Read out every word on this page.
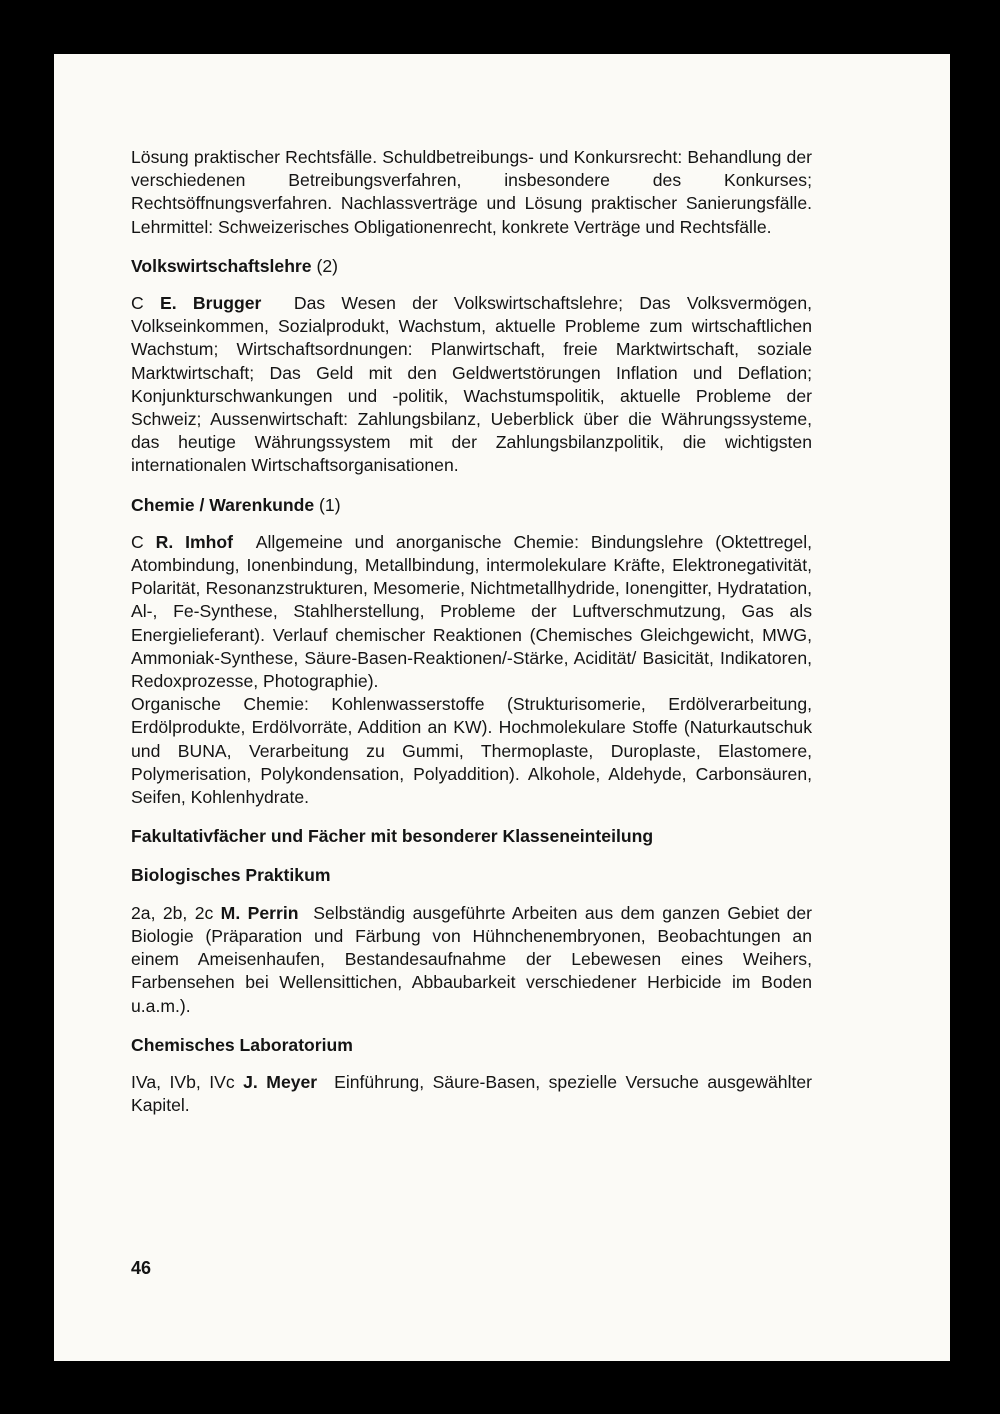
Lösung praktischer Rechtsfälle. Schuldbetreibungs- und Konkursrecht: Behandlung der verschiedenen Betreibungsverfahren, insbesondere des Konkurses; Rechtsöffnungsverfahren. Nachlassverträge und Lösung praktischer Sanierungsfälle. Lehrmittel: Schweizerisches Obligationenrecht, konkrete Verträge und Rechtsfälle.

Volkswirtschaftslehre (2)

C E. Brugger Das Wesen der Volkswirtschaftslehre; Das Volksvermögen, Volkseinkommen, Sozialprodukt, Wachstum, aktuelle Probleme zum wirtschaftlichen Wachstum; Wirtschaftsordnungen: Planwirtschaft, freie Marktwirtschaft, soziale Marktwirtschaft; Das Geld mit den Geldwertstörungen Inflation und Deflation; Konjunkturschwankungen und -politik, Wachstumspolitik, aktuelle Probleme der Schweiz; Aussenwirtschaft: Zahlungsbilanz, Ueberblick über die Währungssysteme, das heutige Währungssystem mit der Zahlungsbilanzpolitik, die wichtigsten internationalen Wirtschaftsorganisationen.

Chemie / Warenkunde (1)

C R. Imhof Allgemeine und anorganische Chemie: Bindungslehre (Oktettregel, Atombindung, Ionenbindung, Metallbindung, intermolekulare Kräfte, Elektronegativität, Polarität, Resonanzstrukturen, Mesomerie, Nichtmetallhydride, Ionengitter, Hydratation, Al-, Fe-Synthese, Stahlherstellung, Probleme der Luftverschmutzung, Gas als Energielieferant). Verlauf chemischer Reaktionen (Chemisches Gleichgewicht, MWG, Ammoniak-Synthese, Säure-Basen-Reaktionen/-Stärke, Acidität/ Basicität, Indikatoren, Redoxprozesse, Photographie).

Organische Chemie: Kohlenwasserstoffe (Strukturisomerie, Erdölverarbeitung, Erdölprodukte, Erdölvorräte, Addition an KW). Hochmolekulare Stoffe (Naturkautschuk und BUNA, Verarbeitung zu Gummi, Thermoplaste, Duroplaste, Elastomere, Polymerisation, Polykondensation, Polyaddition). Alkohole, Aldehyde, Carbonsäuren, Seifen, Kohlenhydrate.

Fakultativfächer und Fächer mit besonderer Klasseneinteilung

Biologisches Praktikum

2a, 2b, 2c M. Perrin Selbständig ausgeführte Arbeiten aus dem ganzen Gebiet der Biologie (Präparation und Färbung von Hühnchenembryonen, Beobachtungen an einem Ameisenhaufen, Bestandesaufnahme der Lebewesen eines Weihers, Farbensehen bei Wellensittichen, Abbaubarkeit verschiedener Herbicide im Boden u.a.m.).

Chemisches Laboratorium

IVa, IVb, IVc J. Meyer Einführung, Säure-Basen, spezielle Versuche ausgewählter Kapitel.

46
